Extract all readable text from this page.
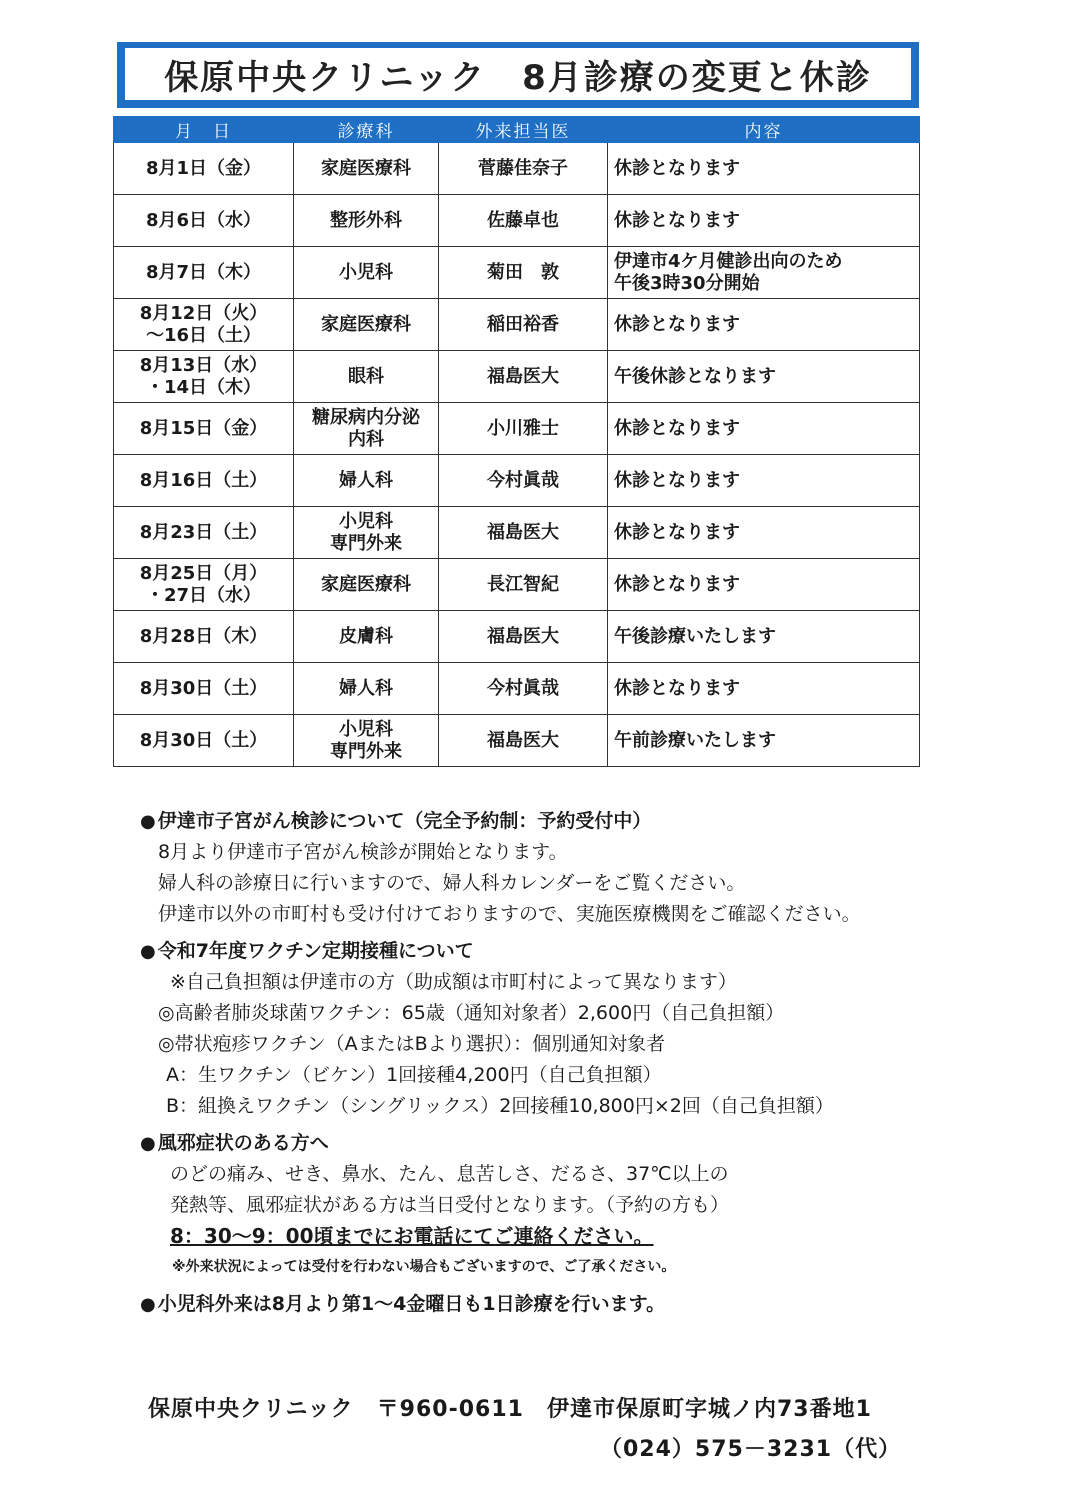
保原中央クリニック　8月診療の変更と休診
月　日	診療科	外来担当医	内容

8月1日（金）	家庭医療科	菅藤佳奈子	休診となります

8月6日（水）	整形外科	佐藤卓也	休診となります

8月7日（木）	小児科	菊田　敦	伊達市4ケ月健診出向のため
午後3時30分開始

8月12日（火）
～16日（土）	家庭医療科	稲田裕香	休診となります

8月13日（水）
・14日（木）	眼科	福島医大	午後休診となります

8月15日（金）	糖尿病内分泌
内科	小川雅士	休診となります

8月16日（土）	婦人科	今村眞哉	休診となります

8月23日（土）	小児科
専門外来	福島医大	休診となります

8月25日（月）
・27日（水）	家庭医療科	長江智紀	休診となります

8月28日（木）	皮膚科	福島医大	午後診療いたします

8月30日（土）	婦人科	今村眞哉	休診となります

8月30日（土）	小児科
専門外来	福島医大	午前診療いたします
● 伊達市子宮がん検診について（完全予約制：予約受付中）
8月より伊達市子宮がん検診が開始となります。
婦人科の診療日に行いますので、婦人科カレンダーをご覧ください。
伊達市以外の市町村も受け付けておりますので、実施医療機関をご確認ください。
● 令和7年度ワクチン定期接種について
※自己負担額は伊達市の方（助成額は市町村によって異なります）
◎高齢者肺炎球菌ワクチン：65歳（通知対象者）2,600円（自己負担額）
◎帯状疱疹ワクチン（AまたはBより選択）：個別通知対象者
A：生ワクチン（ビケン）1回接種4,200円（自己負担額）
B：組換えワクチン（シングリックス）2回接種10,800円×2回（自己負担額）
● 風邪症状のある方へ
のどの痛み、せき、鼻水、たん、息苦しさ、だるさ、37℃以上の
発熱等、風邪症状がある方は当日受付となります。（予約の方も）
8：30～9：00頃までにお電話にてご連絡ください。
※外来状況によっては受付を行わない場合もございますので、ご了承ください。
● 小児科外来は8月より第1～4金曜日も1日診療を行います。
保原中央クリニック　〒960-0611　伊達市保原町字城ノ内73番地1
（024）575－3231（代）
